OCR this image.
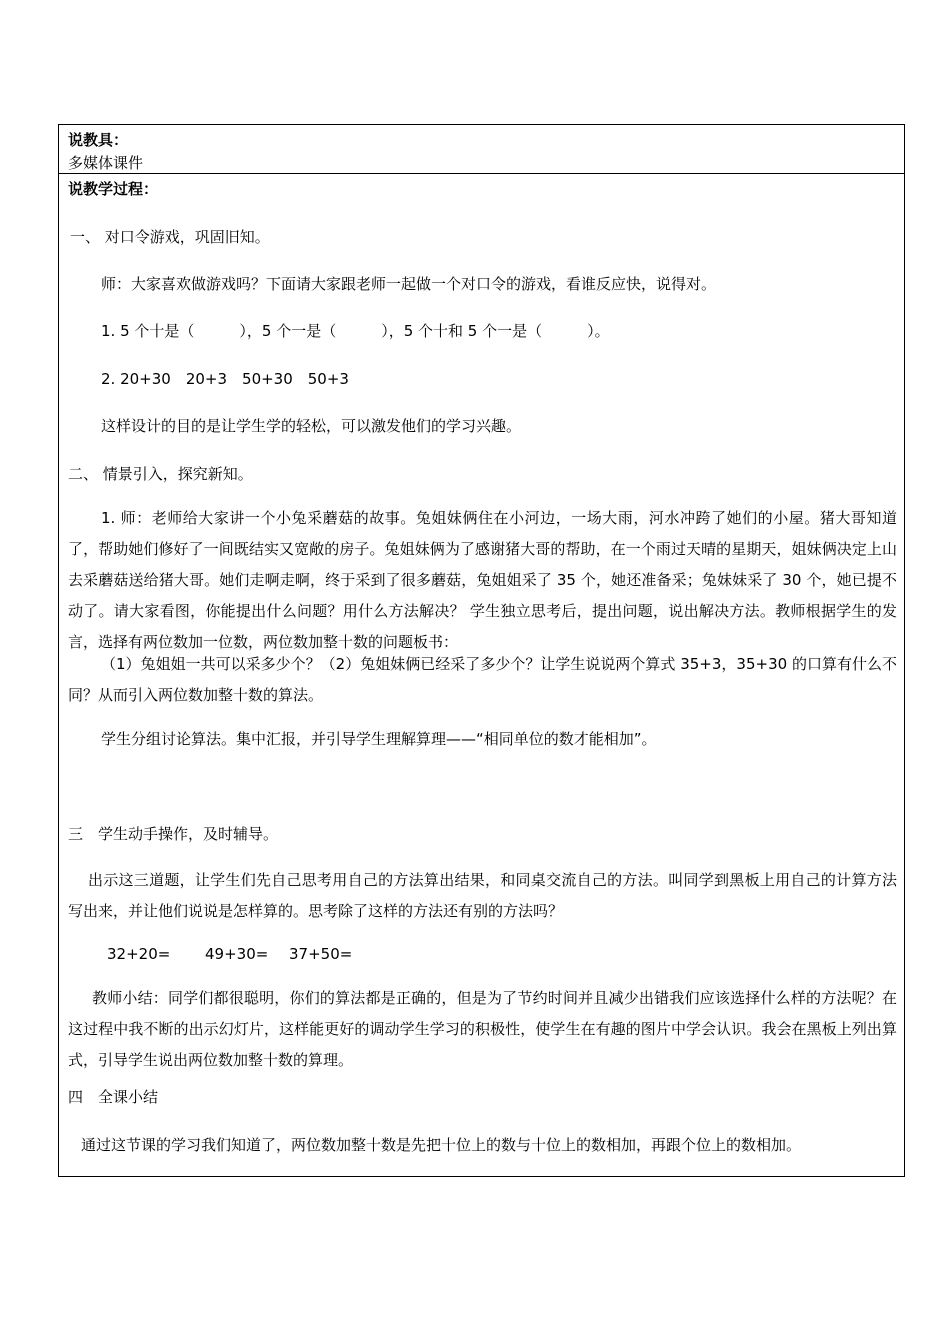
说教具：
多媒体课件
说教学过程：
一、 对口令游戏，巩固旧知。
师：大家喜欢做游戏吗？下面请大家跟老师一起做一个对口令的游戏，看谁反应快，说得对。
1. 5 个十是（　　　），5 个一是（　　　），5 个十和 5 个一是（　　　）。
2. 20+30　20+3　50+30　50+3
这样设计的目的是让学生学的轻松，可以激发他们的学习兴趣。
二、 情景引入，探究新知。
1. 师：老师给大家讲一个小兔采蘑菇的故事。兔姐妹俩住在小河边，一场大雨，河水冲跨了她们的小屋。猪大哥知道了，帮助她们修好了一间既结实又宽敞的房子。兔姐妹俩为了感谢猪大哥的帮助，在一个雨过天晴的星期天，姐妹俩决定上山去采蘑菇送给猪大哥。她们走啊走啊，终于采到了很多蘑菇，兔姐姐采了 35 个，她还准备采；兔妹妹采了 30 个，她已提不动了。请大家看图，你能提出什么问题？用什么方法解决？ 学生独立思考后，提出问题，说出解决方法。教师根据学生的发言，选择有两位数加一位数，两位数加整十数的问题板书：
（1）兔姐姐一共可以采多少个？（2）兔姐妹俩已经采了多少个？让学生说说两个算式 35+3，35+30 的口算有什么不同？从而引入两位数加整十数的算法。
学生分组讨论算法。集中汇报，并引导学生理解算理——“相同单位的数才能相加”。
三　学生动手操作，及时辅导。
出示这三道题，让学生们先自己思考用自己的方法算出结果，和同桌交流自己的方法。叫同学到黑板上用自己的计算方法写出来，并让他们说说是怎样算的。思考除了这样的方法还有别的方法吗？
32+20= 49+30= 37+50=
教师小结：同学们都很聪明，你们的算法都是正确的，但是为了节约时间并且减少出错我们应该选择什么样的方法呢？在这过程中我不断的出示幻灯片，这样能更好的调动学生学习的积极性，使学生在有趣的图片中学会认识。我会在黑板上列出算式，引导学生说出两位数加整十数的算理。
四　全课小结
通过这节课的学习我们知道了，两位数加整十数是先把十位上的数与十位上的数相加，再跟个位上的数相加。
